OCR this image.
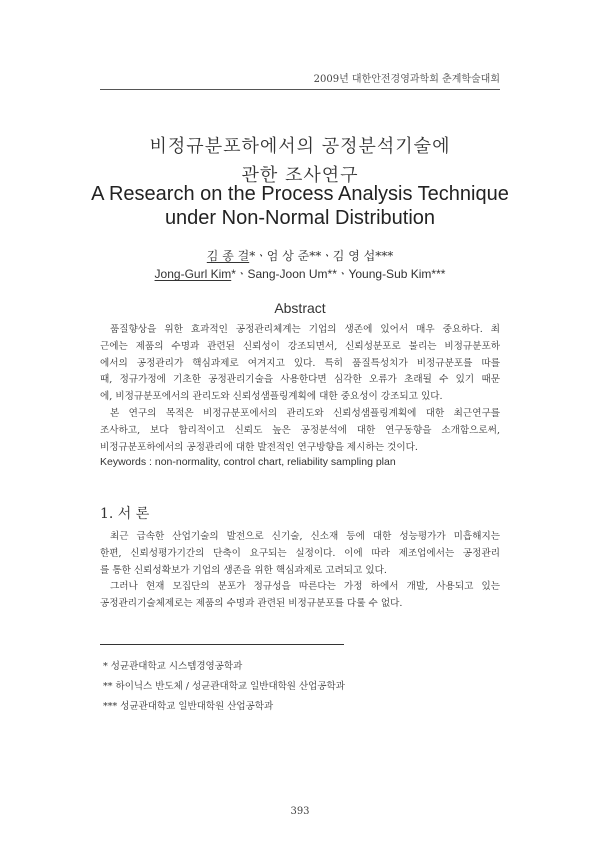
2009년 대한안전경영과학회 춘계학술대회
비정규분포하에서의 공정분석기술에
관한 조사연구
A Research on the Process Analysis Technique
under Non-Normal Distribution
김 종 걸*ㆍ엄 상 준**ㆍ김 영 섭***
Jong-Gurl Kim*ㆍSang-Joon Um**ㆍYoung-Sub Kim***
Abstract
품질향상을 위한 효과적인 공정관리체계는 기업의 생존에 있어서 매우 중요하다. 최
근에는 제품의 수명과 관련된 신뢰성이 강조되면서, 신뢰성분포로 불리는 비정규분포하
에서의 공정관리가 핵심과제로 여겨지고 있다. 특히 품질특성치가 비정규분포를 따를
때, 정규가정에 기초한 공정관리기술을 사용한다면 심각한 오류가 초래될 수 있기 때문
에, 비정규분포에서의 관리도와 신뢰성샘플링계획에 대한 중요성이 강조되고 있다.
본 연구의 목적은 비정규분포에서의 관리도와 신뢰성샘플링계획에 대한 최근연구를
조사하고, 보다 합리적이고 신뢰도 높은 공정분석에 대한 연구동향을 소개함으로써,
비정규분포하에서의 공정관리에 대한 발전적인 연구방향을 제시하는 것이다.
Keywords : non-normality, control chart, reliability sampling plan
1. 서 론
최근 급속한 산업기술의 발전으로 신기술, 신소재 등에 대한 성능평가가 미흡해지는
한편, 신뢰성평가기간의 단축이 요구되는 실정이다. 이에 따라 제조업에서는 공정관리
를 통한 신뢰성확보가 기업의 생존을 위한 핵심과제로 고려되고 있다.
그러나 현재 모집단의 분포가 정규성을 따른다는 가정 하에서 개발, 사용되고 있는
공정관리기술체제로는 제품의 수명과 관련된 비정규분포를 다룰 수 없다.
* 성균관대학교 시스템경영공학과
** 하이닉스 반도체 / 성균관대학교 일반대학원 산업공학과
*** 성균관대학교 일반대학원 산업공학과
393
